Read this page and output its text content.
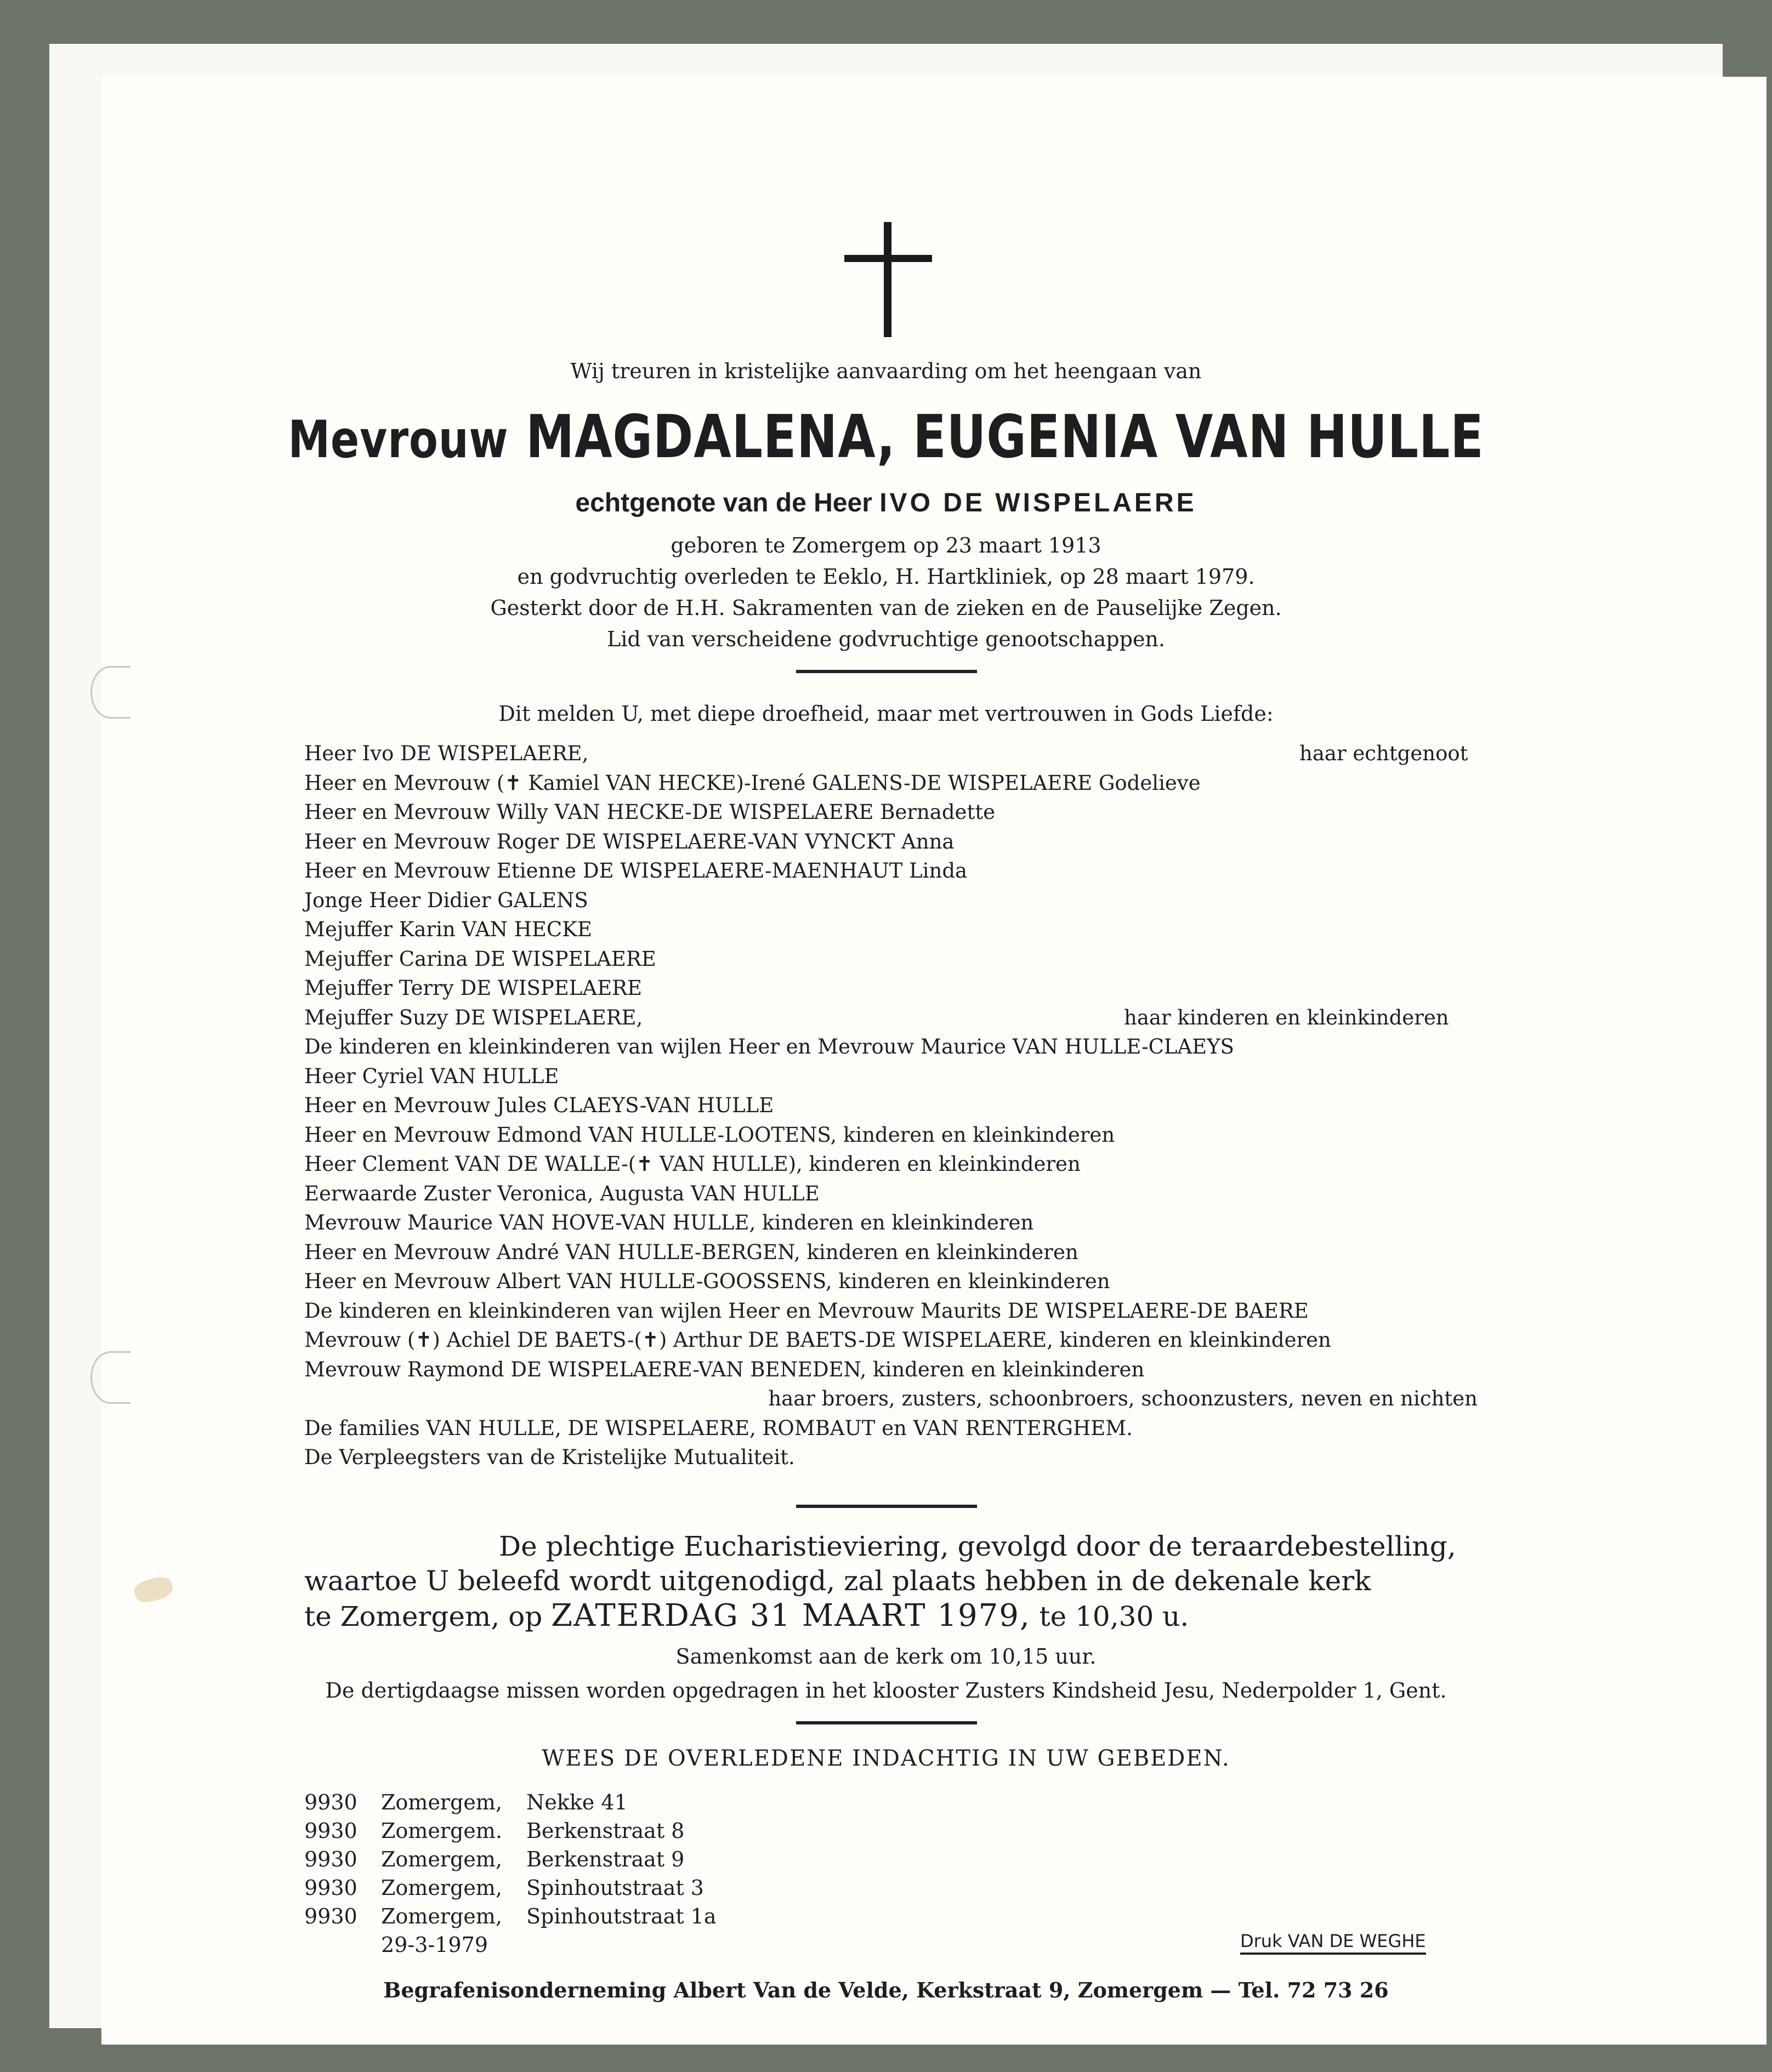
Wij treuren in kristelijke aanvaarding om het heengaan van
Mevrouw MAGDALENA, EUGENIA VAN HULLE
echtgenote van de Heer IVO DE WISPELAERE
geboren te Zomergem op 23 maart 1913
en godvruchtig overleden te Eeklo, H. Hartkliniek, op 28 maart 1979.
Gesterkt door de H.H. Sakramenten van de zieken en de Pauselijke Zegen.
Lid van verscheidene godvruchtige genootschappen.
Dit melden U, met diepe droefheid, maar met vertrouwen in Gods Liefde:
Heer Ivo DE WISPELAERE,	haar echtgenoot
Heer en Mevrouw (✝ Kamiel VAN HECKE)-Irené GALENS-DE WISPELAERE Godelieve
Heer en Mevrouw Willy VAN HECKE-DE WISPELAERE Bernadette
Heer en Mevrouw Roger DE WISPELAERE-VAN VYNCKT Anna
Heer en Mevrouw Etienne DE WISPELAERE-MAENHAUT Linda
Jonge Heer Didier GALENS
Mejuffer Karin VAN HECKE
Mejuffer Carina DE WISPELAERE
Mejuffer Terry DE WISPELAERE
Mejuffer Suzy DE WISPELAERE,	haar kinderen en kleinkinderen
De kinderen en kleinkinderen van wijlen Heer en Mevrouw Maurice VAN HULLE-CLAEYS
Heer Cyriel VAN HULLE
Heer en Mevrouw Jules CLAEYS-VAN HULLE
Heer en Mevrouw Edmond VAN HULLE-LOOTENS, kinderen en kleinkinderen
Heer Clement VAN DE WALLE-(✝ VAN HULLE), kinderen en kleinkinderen
Eerwaarde Zuster Veronica, Augusta VAN HULLE
Mevrouw Maurice VAN HOVE-VAN HULLE, kinderen en kleinkinderen
Heer en Mevrouw André VAN HULLE-BERGEN, kinderen en kleinkinderen
Heer en Mevrouw Albert VAN HULLE-GOOSSENS, kinderen en kleinkinderen
De kinderen en kleinkinderen van wijlen Heer en Mevrouw Maurits DE WISPELAERE-DE BAERE
Mevrouw (✝) Achiel DE BAETS-(✝) Arthur DE BAETS-DE WISPELAERE, kinderen en kleinkinderen
Mevrouw Raymond DE WISPELAERE-VAN BENEDEN, kinderen en kleinkinderen
haar broers, zusters, schoonbroers, schoonzusters, neven en nichten
De families VAN HULLE, DE WISPELAERE, ROMBAUT en VAN RENTERGHEM.
De Verpleegsters van de Kristelijke Mutualiteit.
De plechtige Eucharistieviering, gevolgd door de teraardebestelling,
waartoe U beleefd wordt uitgenodigd, zal plaats hebben in de dekenale kerk
te Zomergem, op ZATERDAG 31 MAART 1979, te 10,30 u.
Samenkomst aan de kerk om 10,15 uur.
De dertigdaagse missen worden opgedragen in het klooster Zusters Kindsheid Jesu, Nederpolder 1, Gent.
WEES DE OVERLEDENE INDACHTIG IN UW GEBEDEN.
9930 Zomergem, Nekke 41
9930 Zomergem. Berkenstraat 8
9930 Zomergem, Berkenstraat 9
9930 Zomergem, Spinhoutstraat 3
9930 Zomergem, Spinhoutstraat 1a
29-3-1979	Druk VAN DE WEGHE
Begrafenisonderneming Albert Van de Velde, Kerkstraat 9, Zomergem — Tel. 72 73 26
